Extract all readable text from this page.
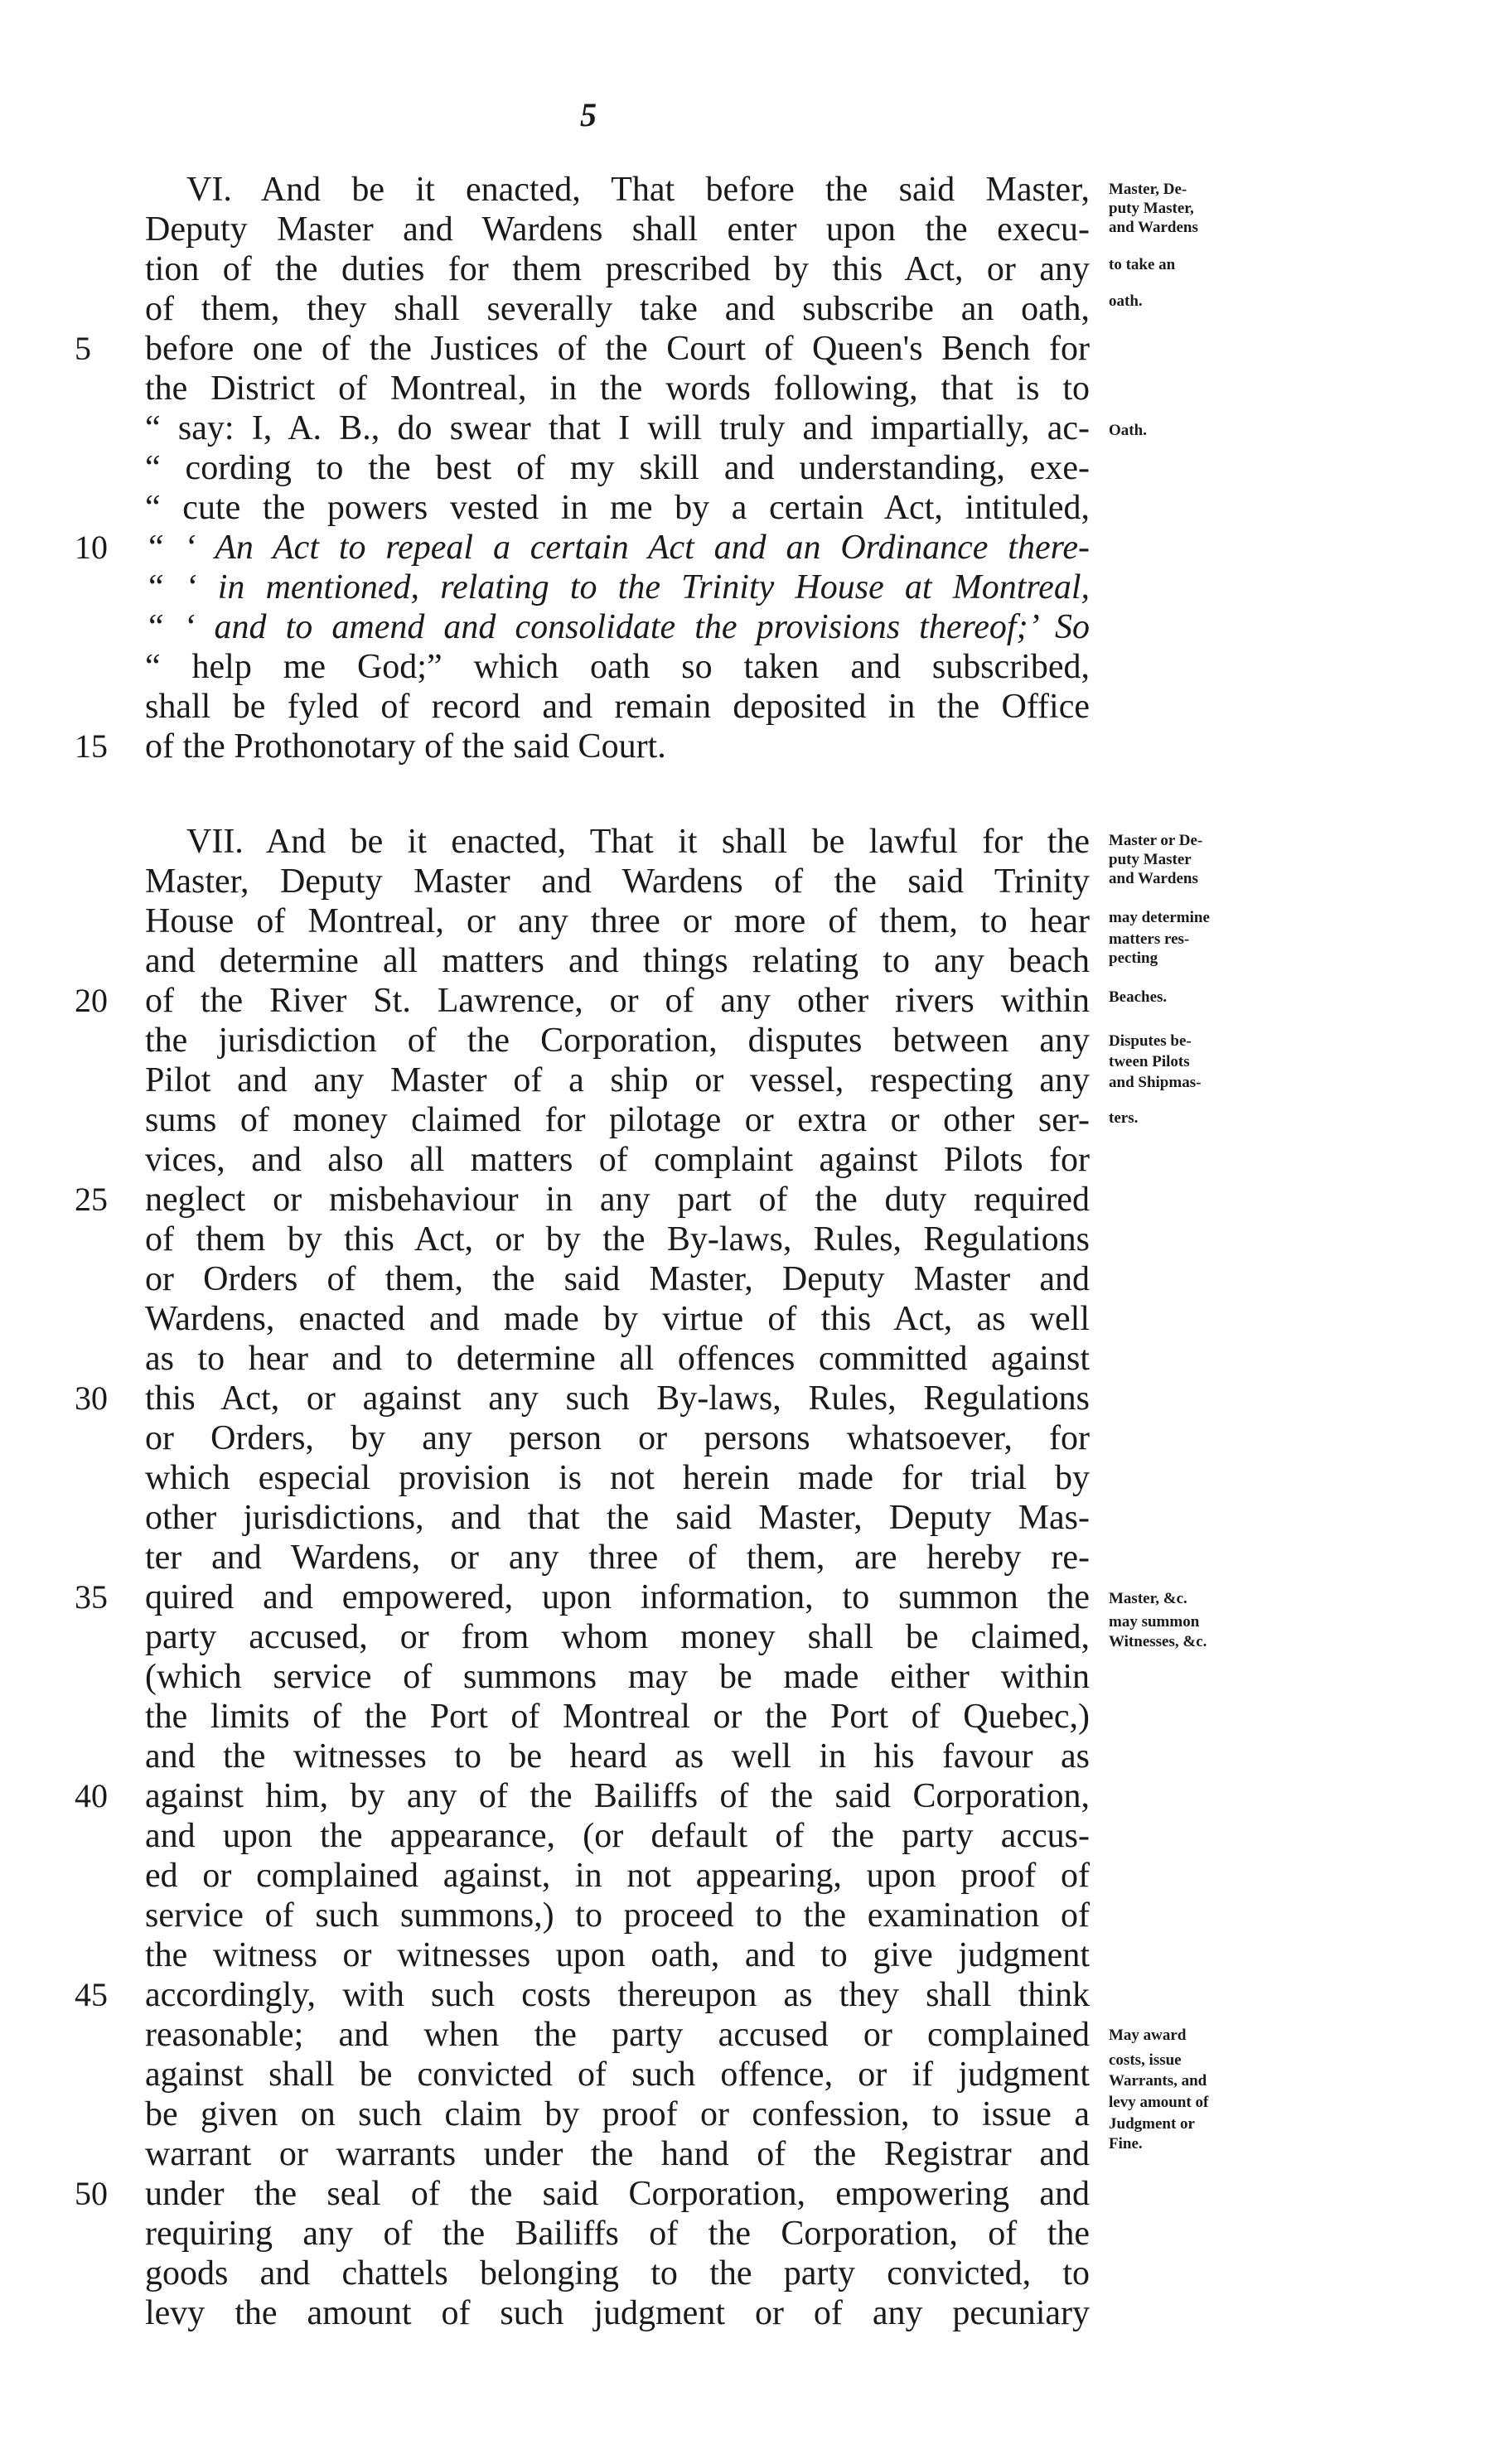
5
VI. And be it enacted, That before the said Master,
Deputy Master and Wardens shall enter upon the execu-
tion of the duties for them prescribed by this Act, or any
of them, they shall severally take and subscribe an oath,
before one of the Justices of the Court of Queen's Bench for
the District of Montreal, in the words following, that is to
“ say: I, A. B., do swear that I will truly and impartially, ac-
“ cording to the best of my skill and understanding, exe-
“ cute the powers vested in me by a certain Act, intituled,
“ ‘ An Act to repeal a certain Act and an Ordinance there-
“ ‘ in mentioned, relating to the Trinity House at Montreal,
“ ‘ and to amend and consolidate the provisions thereof;’ So
“ help me God;” which oath so taken and subscribed,
shall be fyled of record and remain deposited in the Office
of the Prothonotary of the said Court.
Master, De-
puty Master,
and Wardens
to take an
oath.
Oath.
VII. And be it enacted, That it shall be lawful for the
Master, Deputy Master and Wardens of the said Trinity
House of Montreal, or any three or more of them, to hear
and determine all matters and things relating to any beach
of the River St. Lawrence, or of any other rivers within
the jurisdiction of the Corporation, disputes between any
Pilot and any Master of a ship or vessel, respecting any
sums of money claimed for pilotage or extra or other ser-
vices, and also all matters of complaint against Pilots for
neglect or misbehaviour in any part of the duty required
of them by this Act, or by the By-laws, Rules, Regulations
or Orders of them, the said Master, Deputy Master and
Wardens, enacted and made by virtue of this Act, as well
as to hear and to determine all offences committed against
this Act, or against any such By-laws, Rules, Regulations
or Orders, by any person or persons whatsoever, for
which especial provision is not herein made for trial by
other jurisdictions, and that the said Master, Deputy Mas-
ter and Wardens, or any three of them, are hereby re-
quired and empowered, upon information, to summon the
party accused, or from whom money shall be claimed,
(which service of summons may be made either within
the limits of the Port of Montreal or the Port of Quebec,)
and the witnesses to be heard as well in his favour as
against him, by any of the Bailiffs of the said Corporation,
and upon the appearance, (or default of the party accus-
ed or complained against, in not appearing, upon proof of
service of such summons,) to proceed to the examination of
the witness or witnesses upon oath, and to give judgment
accordingly, with such costs thereupon as they shall think
reasonable; and when the party accused or complained
against shall be convicted of such offence, or if judgment
be given on such claim by proof or confession, to issue a
warrant or warrants under the hand of the Registrar and
under the seal of the said Corporation, empowering and
requiring any of the Bailiffs of the Corporation, of the
goods and chattels belonging to the party convicted, to
levy the amount of such judgment or of any pecuniary
Master or De-
puty Master
and Wardens
may determine
matters res-
pecting
Beaches.
Disputes be-
tween Pilots
and Shipmas-
ters.
Master, &c.
may summon
Witnesses, &c.
May award
costs, issue
Warrants, and
levy amount of
Judgment or
Fine.
5
10
15
20
25
30
35
40
45
50
